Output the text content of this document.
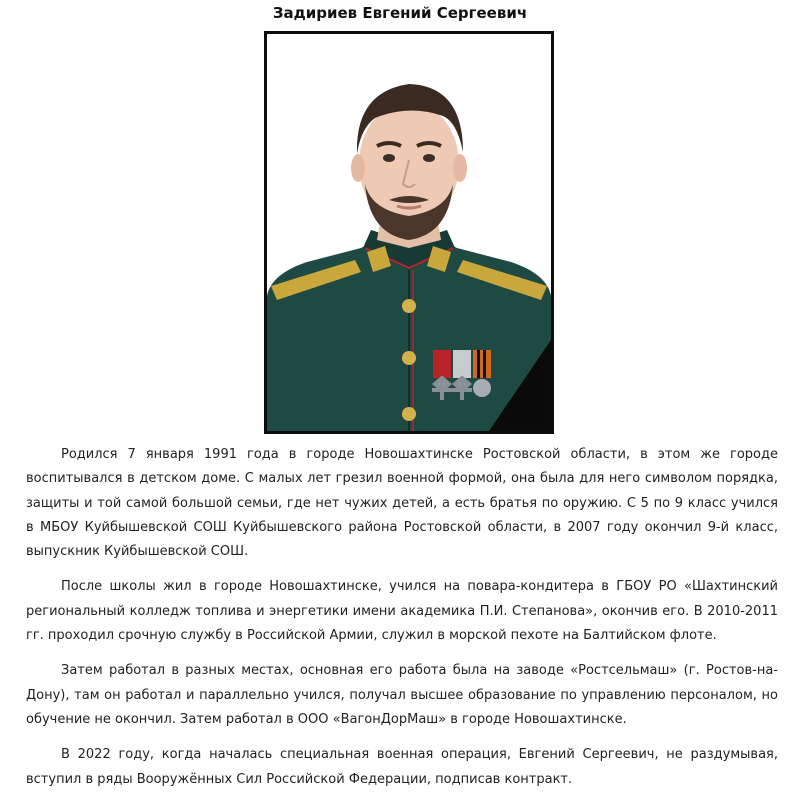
Задириев Евгений Сергеевич

Родился 7 января 1991 года в городе Новошахтинске Ростовской области, в этом же городе воспитывался в детском доме. С малых лет грезил военной формой, она была для него символом порядка, защиты и той самой большой семьи, где нет чужих детей, а есть братья по оружию. С 5 по 9 класс учился в МБОУ Куйбышевской СОШ Куйбышевского района Ростовской области, в 2007 году окончил 9-й класс, выпускник Куйбышевской СОШ.

После школы жил в городе Новошахтинске, учился на повара-кондитера в ГБОУ РО «Шахтинский региональный колледж топлива и энергетики имени академика П.И. Степанова», окончив его. В 2010-2011 гг. проходил срочную службу в Российской Армии, служил в морской пехоте на Балтийском флоте.

Затем работал в разных местах, основная его работа была на заводе «Ростсельмаш» (г. Ростов-на- Дону), там он работал и параллельно учился, получал высшее образование по управлению персоналом, но обучение не окончил. Затем работал в ООО «ВагонДорМаш» в городе Новошахтинске.

В 2022 году, когда началась специальная военная операция, Евгений Сергеевич, не раздумывая, вступил в ряды Вооружённых Сил Российской Федерации, подписав контракт.
